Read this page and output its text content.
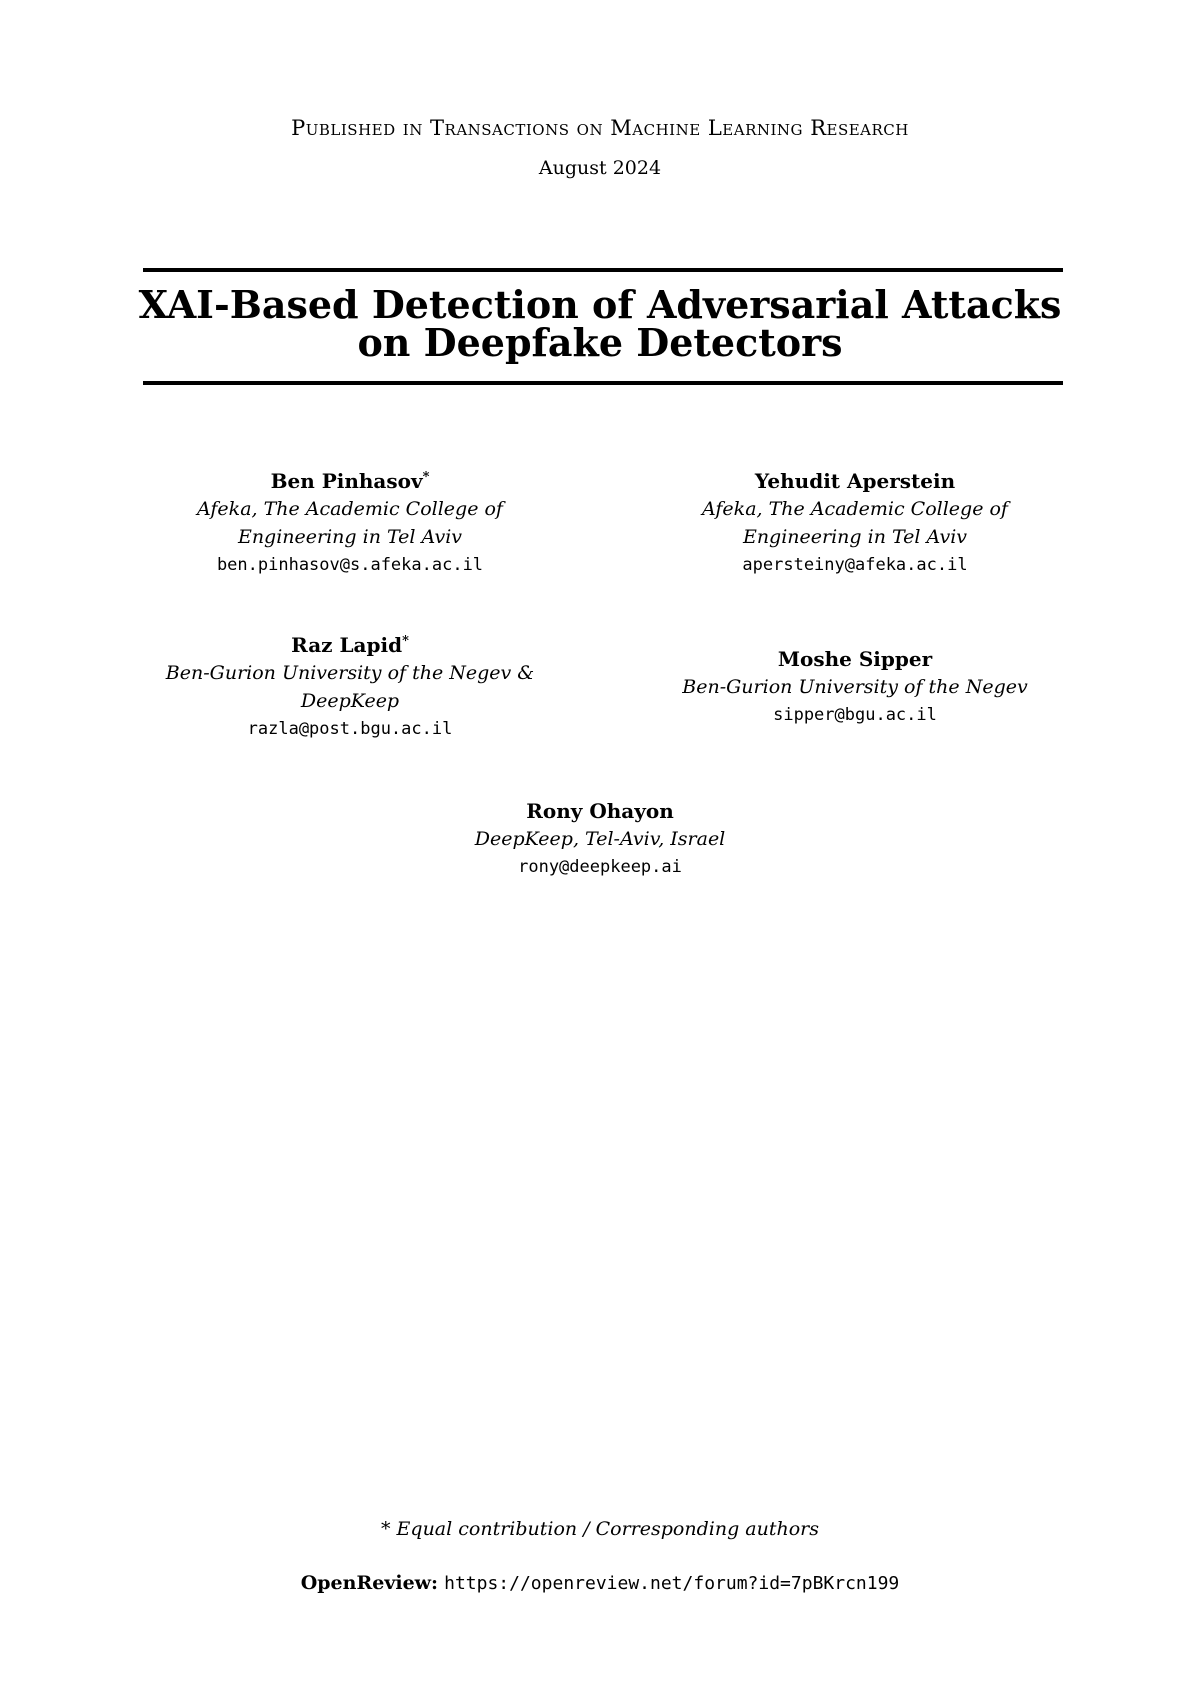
Published in Transactions on Machine Learning Research
August 2024
XAI-Based Detection of Adversarial Attacks
on Deepfake Detectors
Ben Pinhasov*
Afeka, The Academic College of
Engineering in Tel Aviv
ben.pinhasov@s.afeka.ac.il
Yehudit Aperstein
Afeka, The Academic College of
Engineering in Tel Aviv
apersteiny@afeka.ac.il
Raz Lapid*
Ben-Gurion University of the Negev &
DeepKeep
razla@post.bgu.ac.il
Moshe Sipper
Ben-Gurion University of the Negev
sipper@bgu.ac.il
Rony Ohayon
DeepKeep, Tel-Aviv, Israel
rony@deepkeep.ai
* Equal contribution / Corresponding authors
OpenReview: https://openreview.net/forum?id=7pBKrcn199
